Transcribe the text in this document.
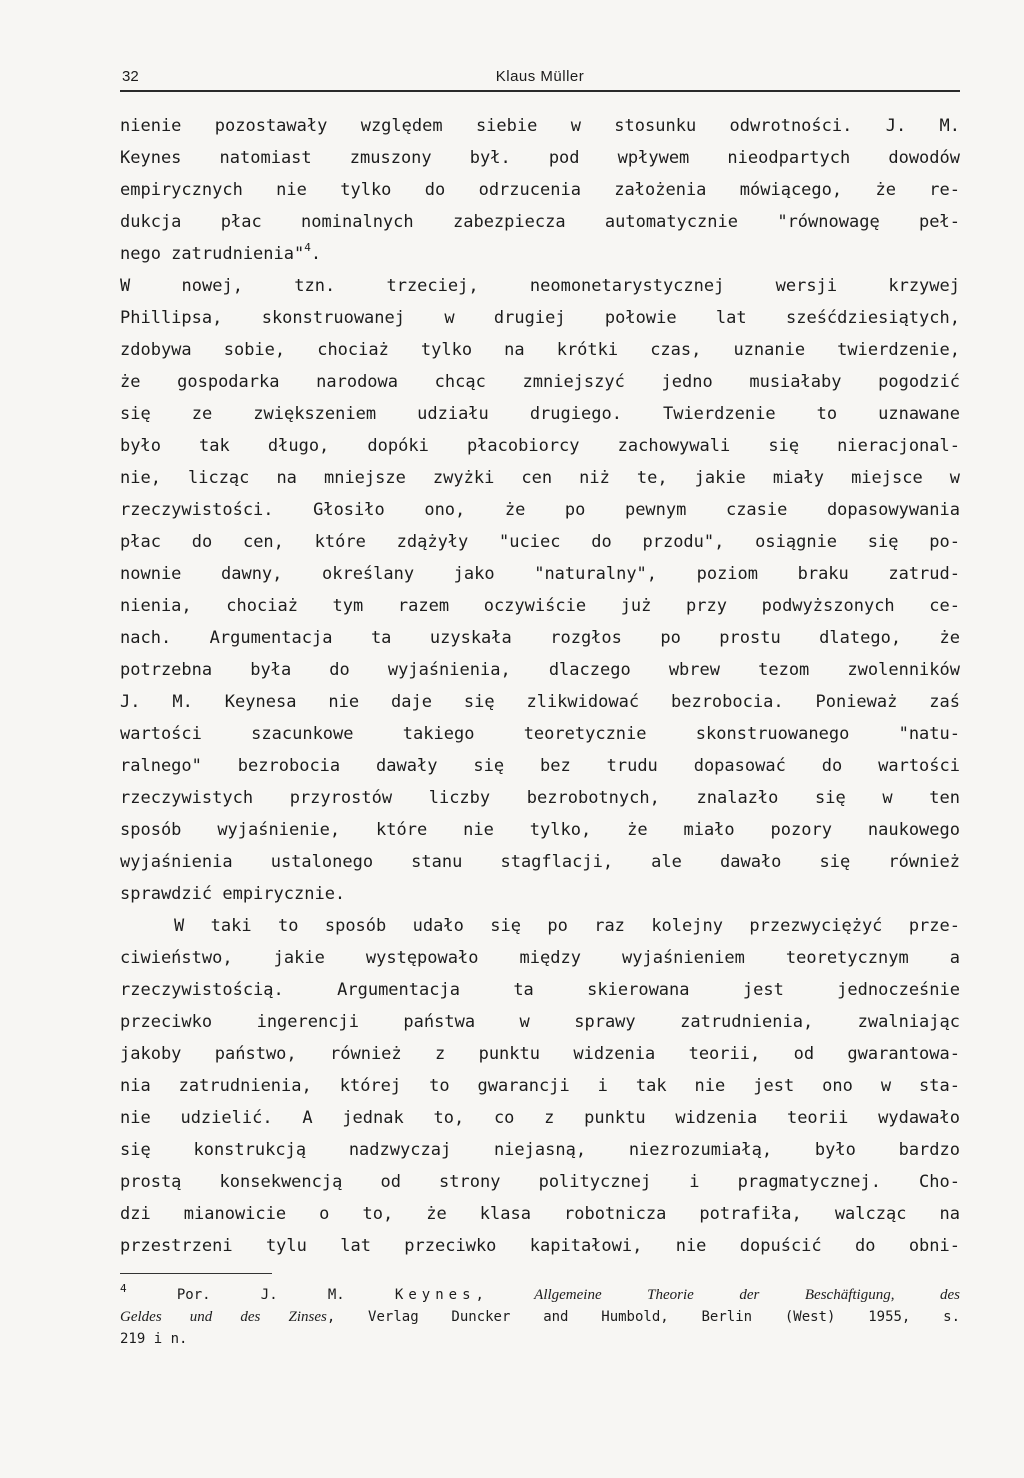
32	Klaus Müller
nienie pozostawały względem siebie w stosunku odwrotności. J. M.
Keynes natomiast zmuszony był. pod wpływem nieodpartych dowodów
empirycznych nie tylko do odrzucenia założenia mówiącego, że re-
dukcja płac nominalnych zabezpiecza automatycznie "równowagę peł-
nego zatrudnienia"$^4$.
W nowej, tzn. trzeciej, neomonetarystycznej wersji krzywej
Phillipsa, skonstruowanej w drugiej połowie lat sześćdziesiątych,
zdobywa sobie, chociaż tylko na krótki czas, uznanie twierdzenie,
że gospodarka narodowa chcąc zmniejszyć jedno musiałaby pogodzić
się ze zwiększeniem udziału drugiego. Twierdzenie to uznawane
było tak długo, dopóki płacobiorcy zachowywali się nieracjonal-
nie, licząc na mniejsze zwyżki cen niż te, jakie miały miejsce w
rzeczywistości. Głosiło ono, że po pewnym czasie dopasowywania
płac do cen, które zdążyły "uciec do przodu", osiągnie się po-
nownie dawny, określany jako "naturalny", poziom braku zatrud-
nienia, chociaż tym razem oczywiście już przy podwyższonych ce-
nach. Argumentacja ta uzyskała rozgłos po prostu dlatego, że
potrzebna była do wyjaśnienia, dlaczego wbrew tezom zwolenników
J. M. Keynesa nie daje się zlikwidować bezrobocia. Ponieważ zaś
wartości szacunkowe takiego teoretycznie skonstruowanego "natu-
ralnego" bezrobocia dawały się bez trudu dopasować do wartości
rzeczywistych przyrostów liczby bezrobotnych, znalazło się w ten
sposób wyjaśnienie, które nie tylko, że miało pozory naukowego
wyjaśnienia ustalonego stanu stagflacji, ale dawało się również
sprawdzić empirycznie.
W taki to sposób udało się po raz kolejny przezwyciężyć prze-
ciwieństwo, jakie występowało między wyjaśnieniem teoretycznym a
rzeczywistością. Argumentacja ta skierowana jest jednocześnie
przeciwko ingerencji państwa w sprawy zatrudnienia, zwalniając
jakoby państwo, również z punktu widzenia teorii, od gwarantowa-
nia zatrudnienia, której to gwarancji i tak nie jest ono w sta-
nie udzielić. A jednak to, co z punktu widzenia teorii wydawało
się konstrukcją nadzwyczaj niejasną, niezrozumiałą, było bardzo
prostą konsekwencją od strony politycznej i pragmatycznej. Cho-
dzi mianowicie o to, że klasa robotnicza potrafiła, walcząc na
przestrzeni tylu lat przeciwko kapitałowi, nie dopuścić do obni-
$^4$	Por. J. M. Keynes, Allgemeine Theorie der Beschäftigung, des
Geldes und des Zinses, Verlag Duncker and Humbold, Berlin (West) 1955, s.
219 i n.
